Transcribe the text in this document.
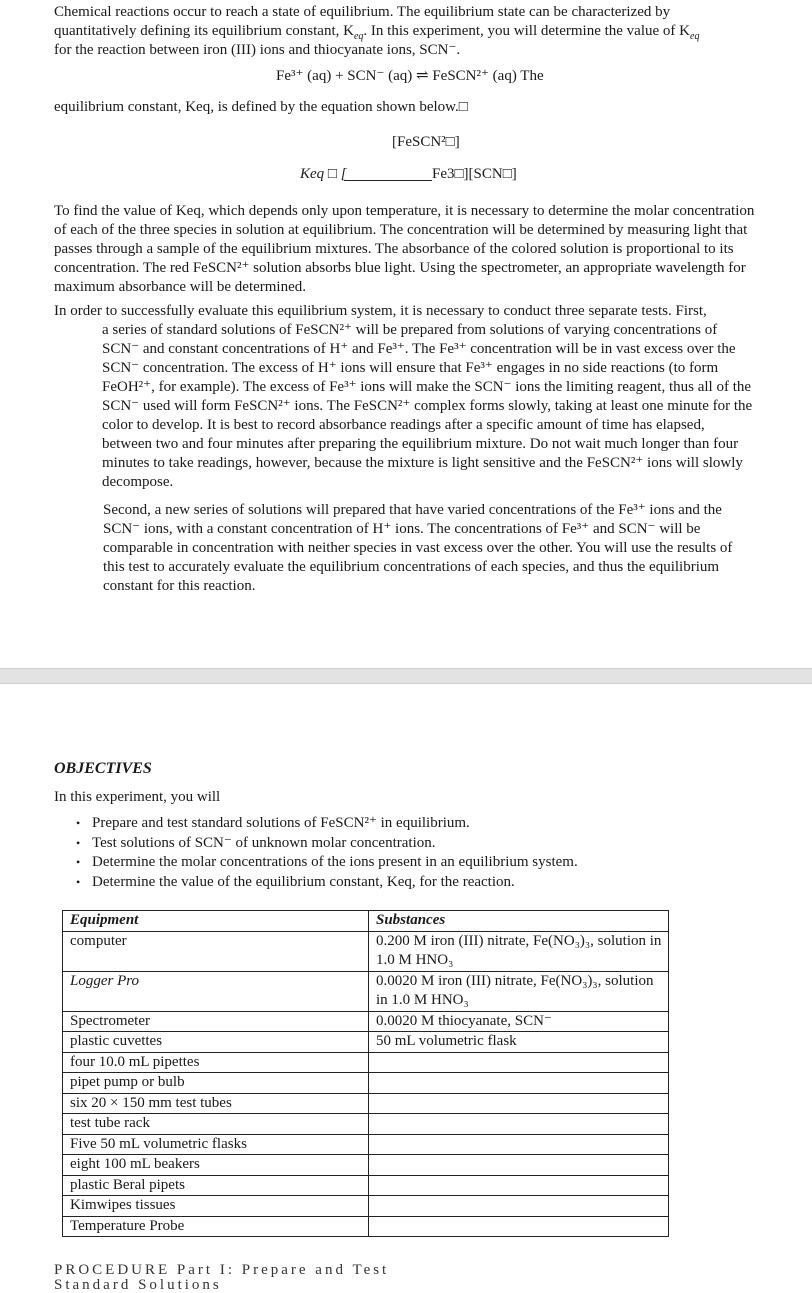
Chemical reactions occur to reach a state of equilibrium. The equilibrium state can be characterized by
quantitatively defining its equilibrium constant, $K_{eq}$. In this experiment, you will determine the value of $K_{eq}$
for the reaction between iron (III) ions and thiocyanate ions, SCN⁻.
Fe³⁺ (aq) + SCN⁻ (aq) ⇌ FeSCN²⁺ (aq) The
equilibrium constant, Keq, is defined by the equation shown below.□
[FeSCN²□]
Keq □ [	Fe3□][SCN□]
To find the value of Keq, which depends only upon temperature, it is necessary to determine the molar concentration of each of the three species in solution at equilibrium. The concentration will be determined by measuring light that passes through a sample of the equilibrium mixtures. The absorbance of the colored solution is proportional to its concentration. The red FeSCN²⁺ solution absorbs blue light. Using the spectrometer, an appropriate wavelength for maximum absorbance will be determined.
In order to successfully evaluate this equilibrium system, it is necessary to conduct three separate tests. First,
a series of standard solutions of FeSCN²⁺ will be prepared from solutions of varying concentrations of SCN⁻ and constant concentrations of H⁺ and Fe³⁺. The Fe³⁺ concentration will be in vast excess over the SCN⁻ concentration. The excess of H⁺ ions will ensure that Fe³⁺ engages in no side reactions (to form FeOH²⁺, for example). The excess of Fe³⁺ ions will make the SCN⁻ ions the limiting reagent, thus all of the SCN⁻ used will form FeSCN²⁺ ions. The FeSCN²⁺ complex forms slowly, taking at least one minute for the color to develop. It is best to record absorbance readings after a specific amount of time has elapsed, between two and four minutes after preparing the equilibrium mixture. Do not wait much longer than four minutes to take readings, however, because the mixture is light sensitive and the FeSCN²⁺ ions will slowly decompose.
Second, a new series of solutions will prepared that have varied concentrations of the Fe³⁺ ions and the SCN⁻ ions, with a constant concentration of H⁺ ions. The concentrations of Fe³⁺ and SCN⁻ will be comparable in concentration with neither species in vast excess over the other. You will use the results of this test to accurately evaluate the equilibrium concentrations of each species, and thus the equilibrium constant for this reaction.
OBJECTIVES
In this experiment, you will
• Prepare and test standard solutions of FeSCN²⁺ in equilibrium.
• Test solutions of SCN⁻ of unknown molar concentration.
• Determine the molar concentrations of the ions present in an equilibrium system.
• Determine the value of the equilibrium constant, Keq, for the reaction.
Equipment	Substances
computer	0.200 M iron (III) nitrate, Fe(NO₃)₃, solution in 1.0 M HNO₃
Logger Pro	0.0020 M iron (III) nitrate, Fe(NO₃)₃, solution in 1.0 M HNO₃
Spectrometer	0.0020 M thiocyanate, SCN⁻
plastic cuvettes	50 mL volumetric flask
four 10.0 mL pipettes	
pipet pump or bulb	
six 20 × 150 mm test tubes	
test tube rack	
Five 50 mL volumetric flasks	
eight 100 mL beakers	
plastic Beral pipets	
Kimwipes tissues	
Temperature Probe	
PROCEDURE Part I: Prepare and Test Standard Solutions
